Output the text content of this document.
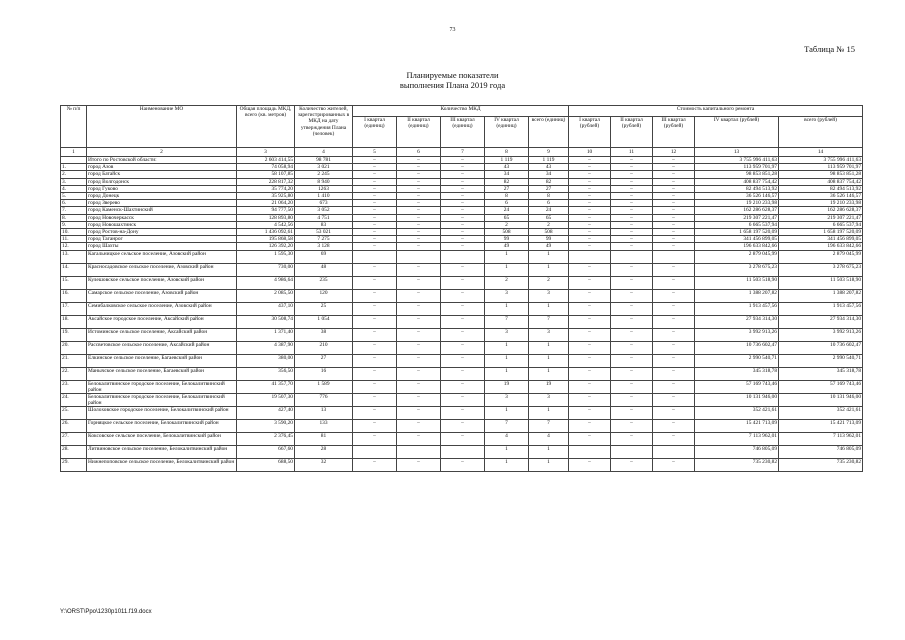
73
Таблица № 15
Планируемые показатели
выполнения Плана 2019 года
№ п/п	Наименование МО	Общая площадь МКД, всего (кв. метров)	Количество жителей, зарегистрированных в МКД на дату утверждения Плана (человек)	Количество МКД					Стоимость капитального ремонта				
				I квартал (единиц)	II квартал (единиц)	III квартал (единиц)	IV квартал (единиц)	всего (единиц)	I квартал (рублей)	II квартал (рублей)	III квартал (рублей)	IV квартал (рублей)	всего (рублей)
1	2	3	4	5	6	7	8	9	10	11	12	13	14
	Итого по Ростовской области:	2 603 414,55	98 781	–	–	–	1 119	1 119	–	–	–	3 755 996 411,63	3 755 996 411,63
1.	город Азов	74 058,94	3 021	–	–	–	43	43	–	–	–	113 959 701,97	113 959 701,97
2.	город Батайск	58 107,85	2 245	–	–	–	34	34	–	–	–	98 853 851,28	98 853 851,28
3.	город Волгодонск	228 817,32	8 940	–	–	–	82	82	–	–	–	408 837 754,42	408 837 754,42
4.	город Гуково	35 774,20	1263	–	–	–	27	27	–	–	–	82 494 513,92	82 494 513,92
5.	город Донецк	35 925,80	1 410	–	–	–	8	8	–	–	–	36 526 146,57	36 526 146,57
6.	город Зверево	21 064,20	673	–	–	–	6	6	–	–	–	19 210 233,98	19 210 233,98
7.	город Каменск-Шахтинский	94 777,50	3 052	–	–	–	24	24	–	–	–	162 286 628,37	162 286 628,37
8.	город Новочеркасск	128 893,80	4 751	–	–	–	65	65	–	–	–	219 307 221,47	219 307 221,47
9.	город Новошахтинск	4 542,56	83	–	–	–	2	2	–	–	–	6 665 537,94	6 665 537,94
10.	город Ростов-на-Дону	1 436 092,61	53 021	–	–	–	508	508	–	–	–	1 658 197 520,09	1 658 197 520,09
11.	город Таганрог	195 868,58	7 275	–	–	–	99	99	–	–	–	341 456 899,05	341 456 899,05
12.	город Шахты	126 392,20	3 128	–	–	–	49	49	–	–	–	196 633 842,66	196 633 842,66
13.	Кагальницкое сельское поселение, Азовский район	1 595,30	69				1	1				2 879 045,99	2 879 045,99
14.	Красносадовское сельское поселение, Азовский район	730,00	48	–	–	–	1	1	–	–	–	3 278 675,23	3 278 675,23
15.	Кулешовское сельское поселение, Азовский район	4 986,64	235	–	–	–	2	2	–	–	–	11 503 518,90	11 503 518,90
16.	Самарское сельское поселение, Азовский район	2 085,50	120	–	–	–	3	3	–	–	–	1 388 207,82	1 388 207,82
17.	Семибалковское сельское поселение, Азовский район	437,10	25	–	–	–	1	1	–	–	–	1 913 457,56	1 913 457,56
18.	Аксайское городское поселение, Аксайский район	30 508,74	1 054	–	–	–	7	7	–	–	–	27 934 314,30	27 934 314,30
19.	Истоминское сельское поселение, Аксайский район	1 371,40	38	–	–	–	3	3	–	–	–	3 992 913,26	3 992 913,26
20.	Рассветовское сельское поселение, Аксайский район	4 387,90	210	–	–	–	1	1	–	–	–	10 736 602,47	10 736 602,47
21.	Елкинское сельское поселение, Багаевский район	380,00	27	–	–	–	1	1	–	–	–	2 990 540,71	2 990 540,71
22.	Манычское сельское поселение, Багаевский район	356,50	16	–	–	–	1	1	–	–	–	345 318,78	345 318,78
23.	Белокалитвинское городское поселение, Белокалитвинский район	41 357,70	1 589	–	–	–	19	19	–	–	–	57 169 743,46	57 169 743,46
24.	Белокалитвинское городское поселение, Белокалитвинский район	19 507,30	776	–	–	–	3	3	–	–	–	10 131 946,00	10 131 946,00
25.	Шолоховское городское поселение, Белокалитвинский район	427,40	13	–	–	–	1	1	–	–	–	352 421,61	352 421,61
26.	Горняцкое сельское поселение, Белокалитвинский район	3 590,20	133	–	–	–	7	7	–	–	–	15 421 713,09	15 421 713,09
27.	Коксовское сельское поселение, Белокалитвинский район	2 376,45	81	–	–	–	4	4	–	–	–	7 113 962,01	7 113 962,01
28.	Литвиновское сельское поселение, Белокалитвинский район	667,60	28				1	1				746 805,09	746 805,09
29.	Нижнепоповское сельское поселение, Белокалитвинский район	688,50	32	–	–	–	1	1	–	–	–	735 230,82	735 230,82
Y:\ORST\Ppo\1230p1011.f19.docx
